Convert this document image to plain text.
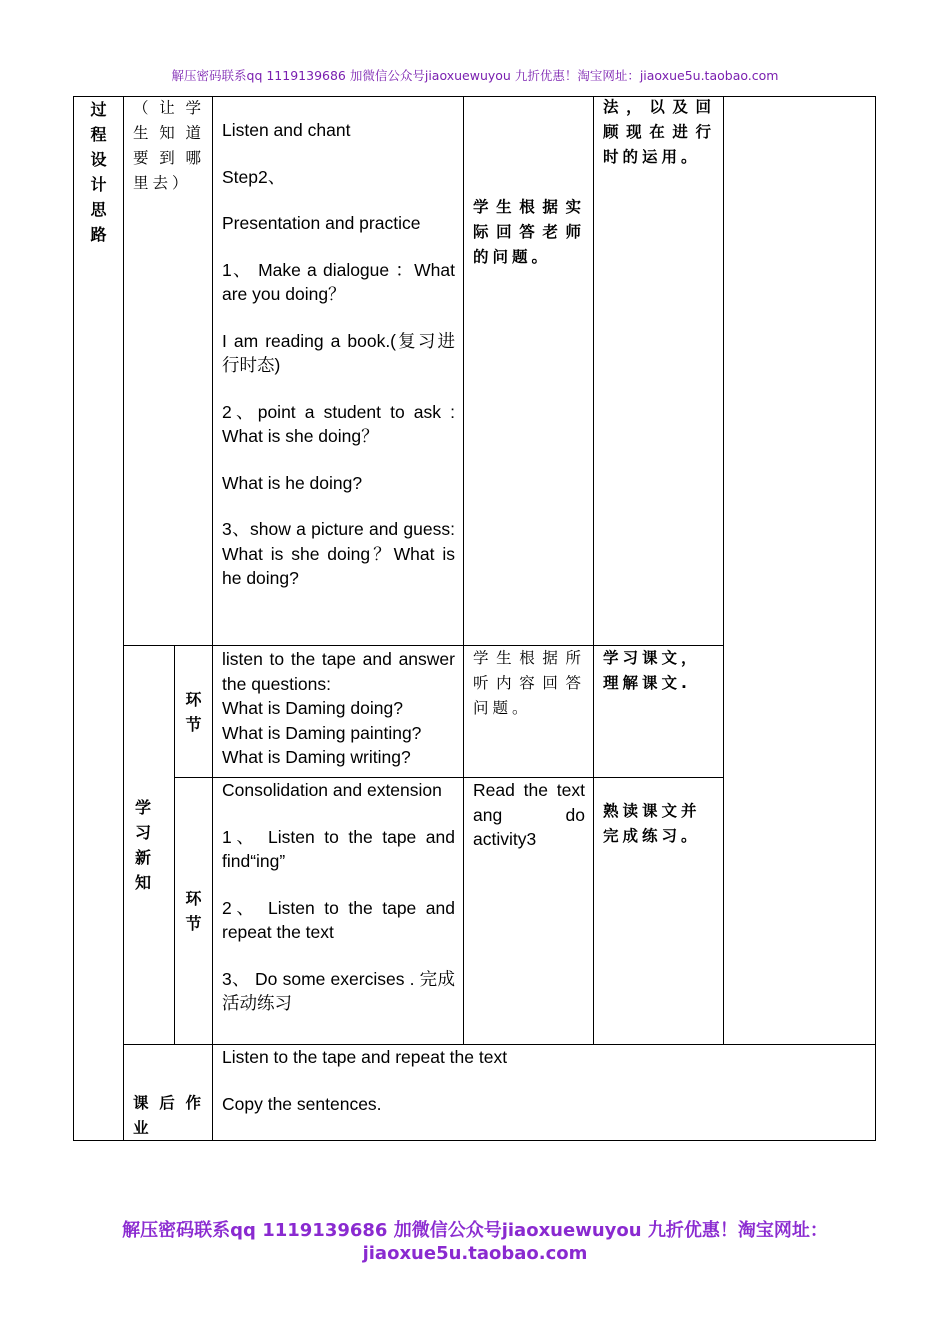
解压密码联系qq 1119139686 加微信公众号jiaoxuewuyou 九折优惠！淘宝网址：jiaoxue5u.taobao.com
过
程
设
计
思
路
（让学生知道要到哪里去）

Listen and chant

Step2、

Presentation and practice

1、 Make a dialogue ：What are you doing？

I am reading a book.(复习进行时态)

2、point a student to ask : What is she doing？

What is he doing?

3、show a picture and guess: What is she doing？What is he doing?

学生根据实际回答老师的问题。
法，以及回顾现在进行时的运用。
学
习
新
知
环
节

listen to the tape and answer the questions:

What is Daming doing?

What is Daming painting?

What is Daming writing?

学生根据所听内容回答问题。
学习课文，理解课文.
环
节

Consolidation and extension

1、 Listen to the tape and find“ing”

2、 Listen to the tape and repeat the text

3、 Do some exercises . 完成活动练习

Read the text ang do activity3
熟读课文并完成练习。
课后作业

Listen to the tape and repeat the text

Copy the sentences.

解压密码联系qq 1119139686 加微信公众号jiaoxuewuyou 九折优惠！淘宝网址：
jiaoxue5u.taobao.com
